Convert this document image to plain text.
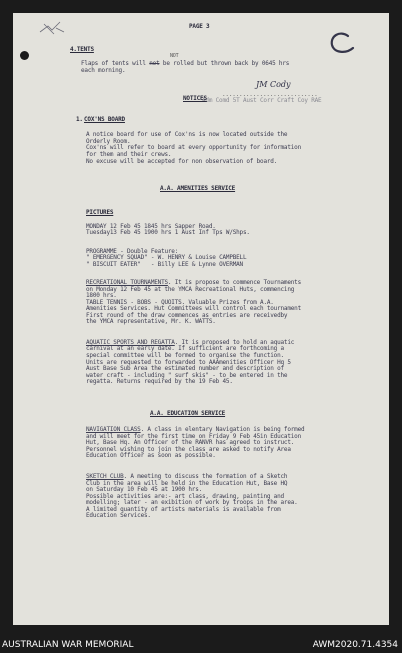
PAGE 3
4.TENTS
NOT
Flaps of tents will not be rolled but thrown back by 0645 hrs
each morning.
............................
JM Cody
Adm Comd 5T Aust Corr Craft Coy RAE
NOTICES
1. COX'NS BOARD
A notice board for use of Cox'ns is now located outside the
Orderly Room.
Cox'ns will refer to board at every opportunity for information
for them and their crews.
No excuse will be accepted for non observation of board.
A.A. AMENITIES SERVICE
PICTURES
MONDAY 12 Feb 45 1845 hrs Sapper Road.
Tuesday13 Feb 45 1900 hrs 1 Aust Inf Tps W/Shps.
PROGRAMME - Double Feature:
" EMERGENCY SQUAD" - W. HENRY & Louise CAMPBELL
" BISCUIT EATER"   - Billy LEE & Lynne OVERMAN
RECREATIONAL TOURNAMENTS. It is propose to commence Tournaments
on Monday 12 Feb 45 at the YMCA Recreational Huts, commencing
1800 hrs.
TABLE TENNIS - BOBS - QUOITS. Valuable Prizes from A.A.
Amenities Services. Hut Committees will control each tournament
First round of the draw commences as entries are receivedby
the YMCA representative, Mr. K. WATTS.
AQUATIC SPORTS AND REGATTA. It is proposed to hold an aquatic
carnival at an early date. If sufficient are forthcoming a
special committee will be formed to organise the function.
Units are requested to forwarded to AAAmenities Officer Hq 5
Aust Base Sub Area the estimated number and description of
water craft - including " surf skis" - to be entered in the
regatta. Returns required by the 19 Feb 45.
A.A. EDUCATION SERVICE
NAVIGATION CLASS. A class in elentary Navigation is being formed
and will meet for the first time on Friday 9 Feb 45in Education
Hut, Base Hq. An Officer of the RANVR has agreed to instruct.
Personnel wishing to join the class are asked to notify Area
Education Officer as soon as possible.
SKETCH CLUB. A meeting to discuss the formation of a Sketch
Club in the area will be held in the Education Hut, Base HQ
on Saturday 10 Feb 45 at 1900 hrs.
Possible activities are:- art class, drawing, painting and
modelling; later - an exibition of work by troops in the area.
A limited quantity of artists materials is available from
Education Services.
AUSTRALIAN WAR MEMORIAL	AWM2020.71.4354
